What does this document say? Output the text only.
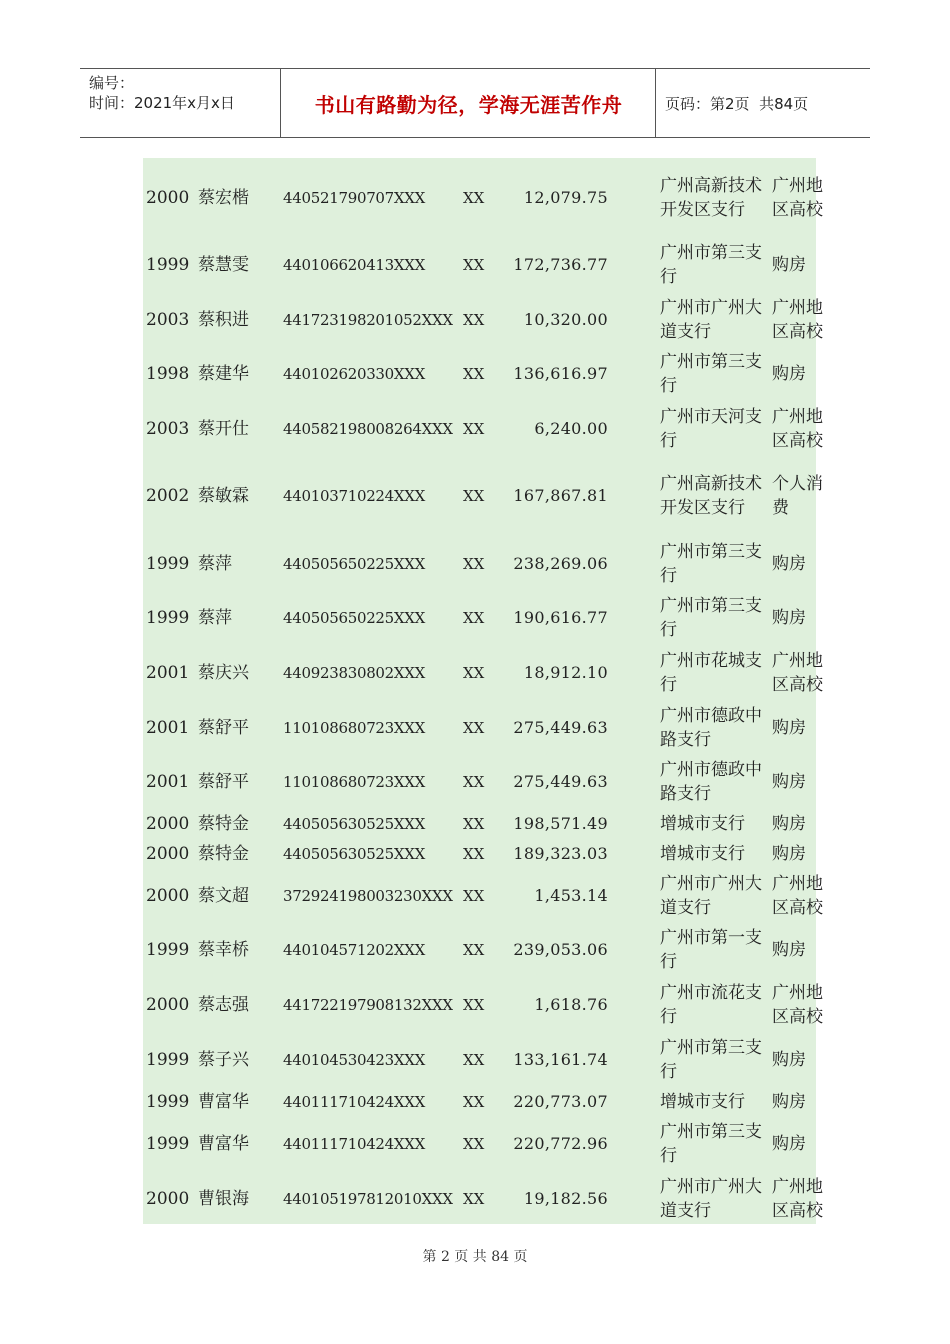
编号：
时间：2021年x月x日	书山有路勤为径，学海无涯苦作舟	页码：第2页  共84页
2000	蔡宏楷	440521790707XXX	XX	12,079.75	广州高新技术开发区支行	广州地区高校
1999	蔡慧雯	440106620413XXX	XX	172,736.77	广州市第三支行	购房
2003	蔡积进	441723198201052XXX	XX	10,320.00	广州市广州大道支行	广州地区高校
1998	蔡建华	440102620330XXX	XX	136,616.97	广州市第三支行	购房
2003	蔡开仕	440582198008264XXX	XX	6,240.00	广州市天河支行	广州地区高校
2002	蔡敏霖	440103710224XXX	XX	167,867.81	广州高新技术开发区支行	个人消费
1999	蔡萍	440505650225XXX	XX	238,269.06	广州市第三支行	购房
1999	蔡萍	440505650225XXX	XX	190,616.77	广州市第三支行	购房
2001	蔡庆兴	440923830802XXX	XX	18,912.10	广州市花城支行	广州地区高校
2001	蔡舒平	110108680723XXX	XX	275,449.63	广州市德政中路支行	购房
2001	蔡舒平	110108680723XXX	XX	275,449.63	广州市德政中路支行	购房
2000	蔡特金	440505630525XXX	XX	198,571.49	增城市支行	购房
2000	蔡特金	440505630525XXX	XX	189,323.03	增城市支行	购房
2000	蔡文超	372924198003230XXX	XX	1,453.14	广州市广州大道支行	广州地区高校
1999	蔡幸桥	440104571202XXX	XX	239,053.06	广州市第一支行	购房
2000	蔡志强	441722197908132XXX	XX	1,618.76	广州市流花支行	广州地区高校
1999	蔡子兴	440104530423XXX	XX	133,161.74	广州市第三支行	购房
1999	曹富华	440111710424XXX	XX	220,773.07	增城市支行	购房
1999	曹富华	440111710424XXX	XX	220,772.96	广州市第三支行	购房
2000	曹银海	440105197812010XXX	XX	19,182.56	广州市广州大道支行	广州地区高校
第 2 页 共 84 页
